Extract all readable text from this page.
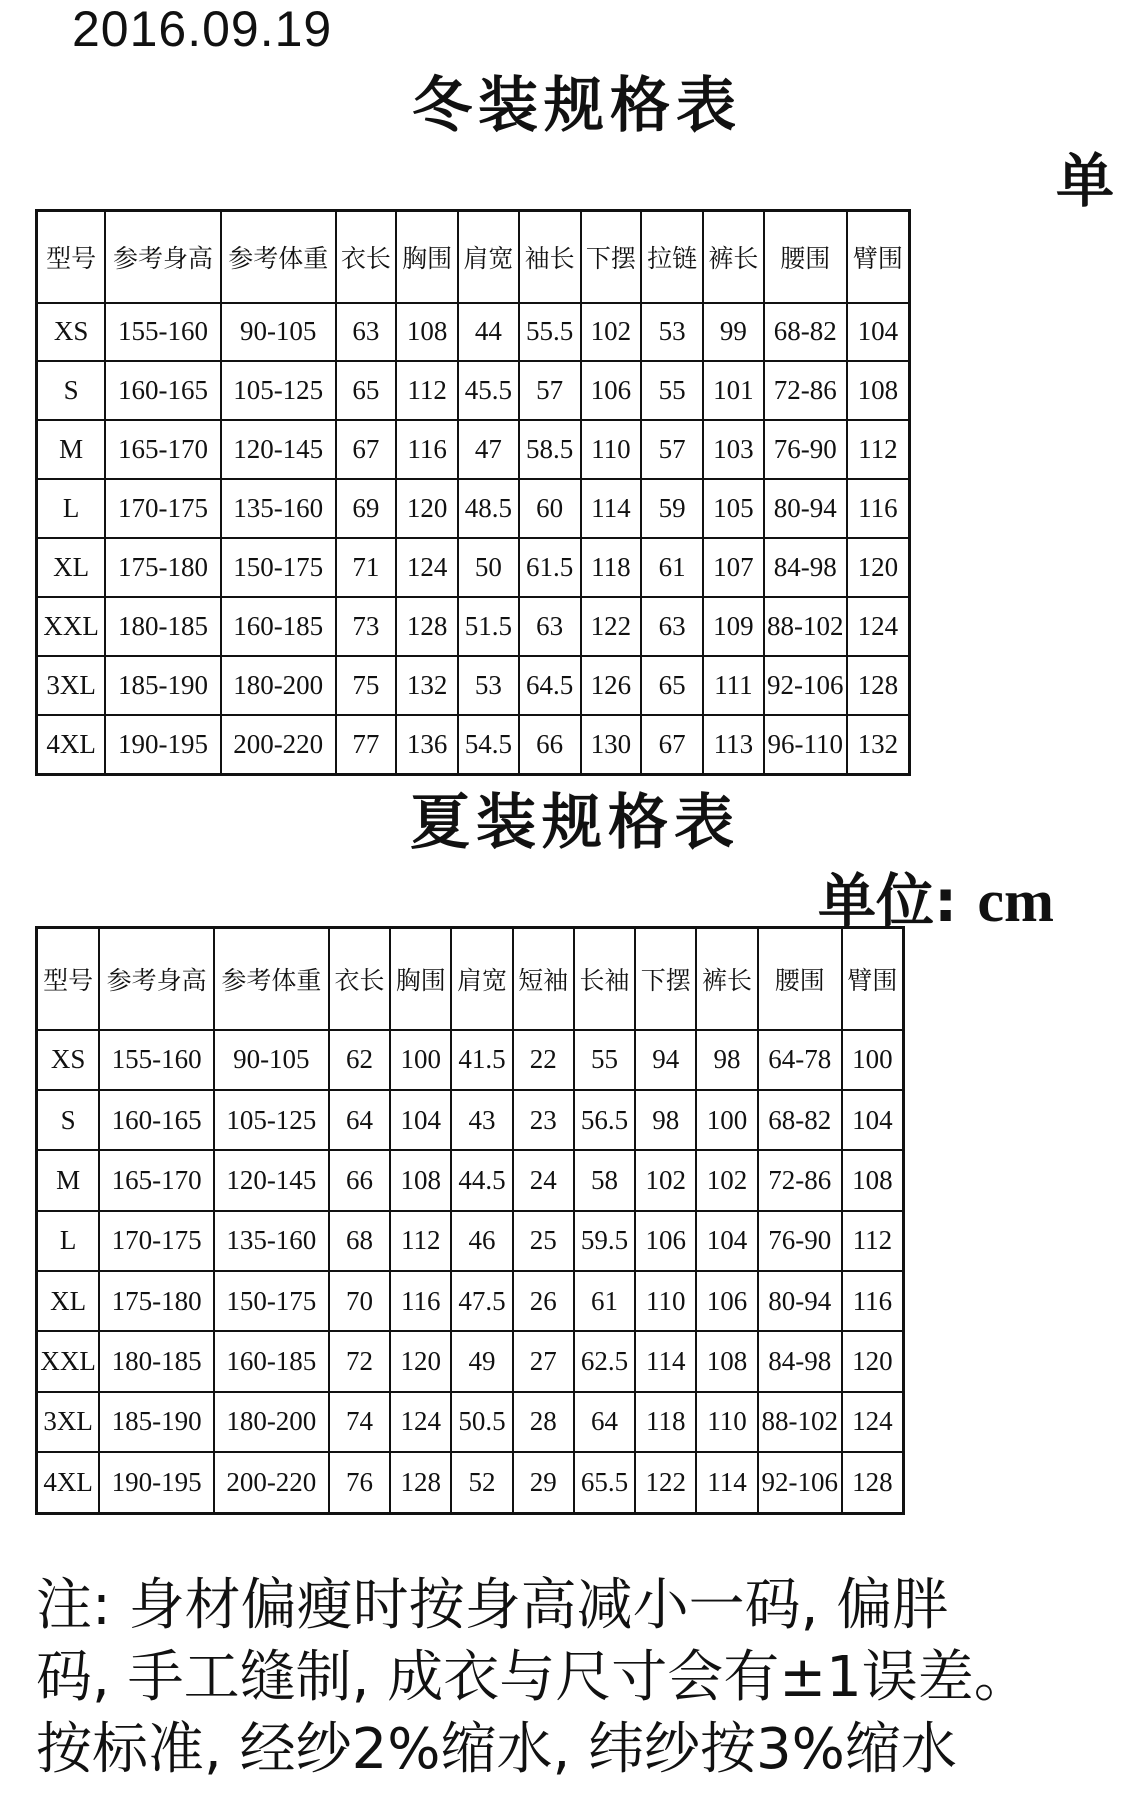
2016.09.19
冬装规格表
单
型号	参考身高	参考体重	衣长	胸围	肩宽	袖长	下摆	拉链	裤长	腰围	臂围
XS	155-160	90-105	63	108	44	55.5	102	53	99	68-82	104
S	160-165	105-125	65	112	45.5	57	106	55	101	72-86	108
M	165-170	120-145	67	116	47	58.5	110	57	103	76-90	112
L	170-175	135-160	69	120	48.5	60	114	59	105	80-94	116
XL	175-180	150-175	71	124	50	61.5	118	61	107	84-98	120
XXL	180-185	160-185	73	128	51.5	63	122	63	109	88-102	124
3XL	185-190	180-200	75	132	53	64.5	126	65	111	92-106	128
4XL	190-195	200-220	77	136	54.5	66	130	67	113	96-110	132
夏装规格表
单位: cm
型号	参考身高	参考体重	衣长	胸围	肩宽	短袖	长袖	下摆	裤长	腰围	臂围
XS	155-160	90-105	62	100	41.5	22	55	94	98	64-78	100
S	160-165	105-125	64	104	43	23	56.5	98	100	68-82	104
M	165-170	120-145	66	108	44.5	24	58	102	102	72-86	108
L	170-175	135-160	68	112	46	25	59.5	106	104	76-90	112
XL	175-180	150-175	70	116	47.5	26	61	110	106	80-94	116
XXL	180-185	160-185	72	120	49	27	62.5	114	108	84-98	120
3XL	185-190	180-200	74	124	50.5	28	64	118	110	88-102	124
4XL	190-195	200-220	76	128	52	29	65.5	122	114	92-106	128
注: 身材偏瘦时按身高减小一码, 偏胖
码, 手工缝制, 成衣与尺寸会有±1误差。
按标准, 经纱2%缩水, 纬纱按3%缩水
